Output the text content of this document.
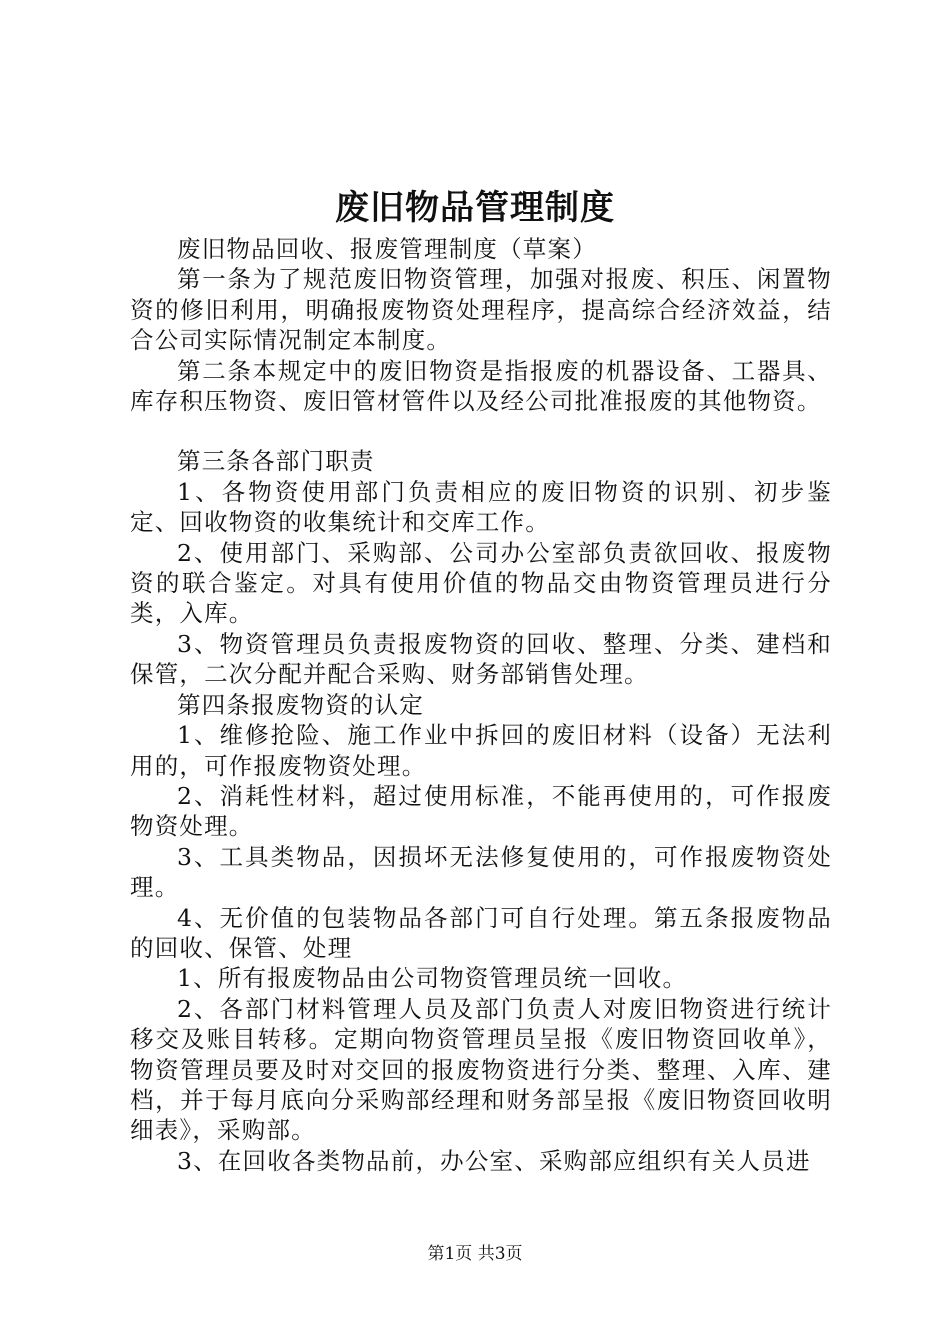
废旧物品管理制度

废旧物品回收、报废管理制度（草案）

第一条为了规范废旧物资管理，加强对报废、积压、闲置物资的修旧利用，明确报废物资处理程序，提高综合经济效益，结合公司实际情况制定本制度。

第二条本规定中的废旧物资是指报废的机器设备、工器具、库存积压物资、废旧管材管件以及经公司批准报废的其他物资。

第三条各部门职责

1、各物资使用部门负责相应的废旧物资的识别、初步鉴定、回收物资的收集统计和交库工作。

2、使用部门、采购部、公司办公室部负责欲回收、报废物资的联合鉴定。对具有使用价值的物品交由物资管理员进行分类，入库。

3、物资管理员负责报废物资的回收、整理、分类、建档和保管，二次分配并配合采购、财务部销售处理。

第四条报废物资的认定

1、维修抢险、施工作业中拆回的废旧材料（设备）无法利用的，可作报废物资处理。

2、消耗性材料，超过使用标准，不能再使用的，可作报废物资处理。

3、工具类物品，因损坏无法修复使用的，可作报废物资处理。

4、无价值的包装物品各部门可自行处理。第五条报废物品的回收、保管、处理

1、所有报废物品由公司物资管理员统一回收。

2、各部门材料管理人员及部门负责人对废旧物资进行统计移交及账目转移。定期向物资管理员呈报《废旧物资回收单》，物资管理员要及时对交回的报废物资进行分类、整理、入库、建档，并于每月底向分采购部经理和财务部呈报《废旧物资回收明细表》，采购部。

3、在回收各类物品前，办公室、采购部应组织有关人员进

第1页 共3页
